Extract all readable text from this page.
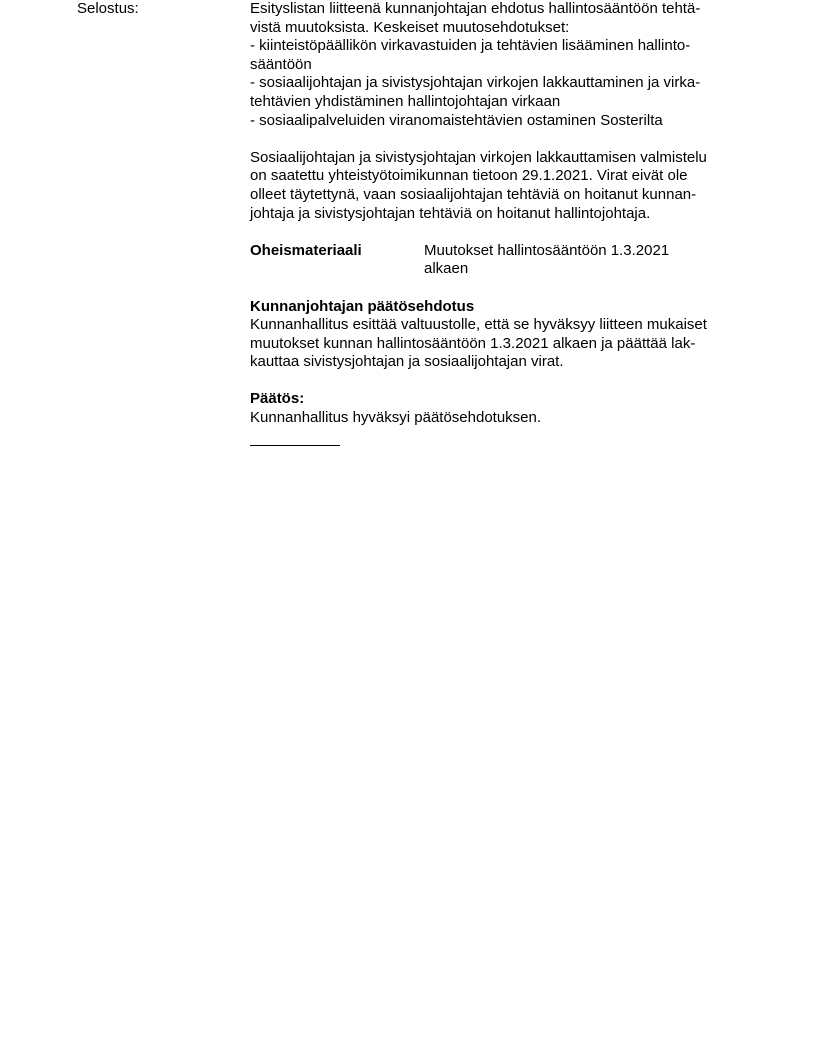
Selostus:	Esityslistan liitteenä kunnanjohtajan ehdotus hallintosääntöön tehtä-
vistä muutoksista. Keskeiset muutosehdotukset:
- kiinteistöpäällikön virkavastuiden ja tehtävien lisääminen hallinto-
sääntöön
- sosiaalijohtajan ja sivistysjohtajan virkojen lakkauttaminen ja virka-
tehtävien yhdistäminen hallintojohtajan virkaan
- sosiaalipalveluiden viranomaistehtävien ostaminen Sosterilta
Sosiaalijohtajan ja sivistysjohtajan virkojen lakkauttamisen valmistelu
on saatettu yhteistyötoimikunnan tietoon 29.1.2021. Virat eivät ole
olleet täytettynä, vaan sosiaalijohtajan tehtäviä on hoitanut kunnan-
johtaja ja sivistysjohtajan tehtäviä on hoitanut hallintojohtaja.
Oheismateriaali	Muutokset hallintosääntöön 1.3.2021
alkaen
Kunnanjohtajan päätösehdotus
Kunnanhallitus esittää valtuustolle, että se hyväksyy liitteen mukaiset
muutokset kunnan hallintosääntöön 1.3.2021 alkaen ja päättää lak-
kauttaa sivistysjohtajan ja sosiaalijohtajan virat.
Päätös:
Kunnanhallitus hyväksyi päätösehdotuksen.
